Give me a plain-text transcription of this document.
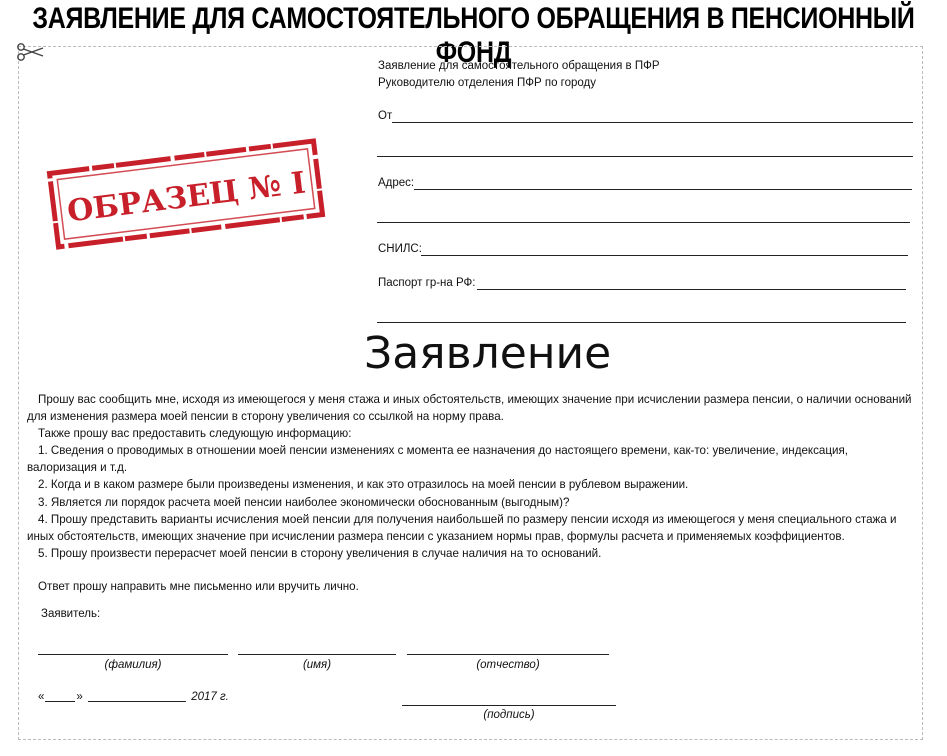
ЗАЯВЛЕНИЕ ДЛЯ САМОСТОЯТЕЛЬНОГО ОБРАЩЕНИЯ В ПЕНСИОННЫЙ ФОНД
ОБРАЗЕЦ № I
Заявление для самостоятельного обращения в ПФР
Руководителю отделения ПФР по городу
От
Адрес:
СНИЛС:
Паспорт гр-на РФ:
Заявление

Прошу вас сообщить мне, исходя из имеющегося у меня стажа и иных обстоятельств, имеющих значение при исчислении размера пенсии, о наличии оснований для изменения размера моей пенсии в сторону увеличения со ссылкой на норму права.

Также прошу вас предоставить следующую информацию:

1. Сведения о проводимых в отношении моей пенсии изменениях с момента ее назначения до настоящего времени, как-то: увеличение, индексация, валоризация и т.д.

2. Когда и в каком размере были произведены изменения, и как это отразилось на моей пенсии в рублевом выражении.

3. Является ли порядок расчета моей пенсии наиболее экономически обоснованным (выгодным)?

4. Прошу представить варианты исчисления моей пенсии для получения наибольшей по размеру пенсии исходя из имеющегося у меня специального стажа и иных обстоятельств, имеющих значение при исчислении размера пенсии с указанием нормы прав, формулы расчета и применяемых коэффициентов.

5. Прошу произвести перерасчет моей пенсии в сторону увеличения в случае наличия на то оснований.

Ответ прошу направить мне письменно или вручить лично.

Заявитель:
(фамилия)	(имя)	(отчество)
«	»	2017 г.
(подпись)
